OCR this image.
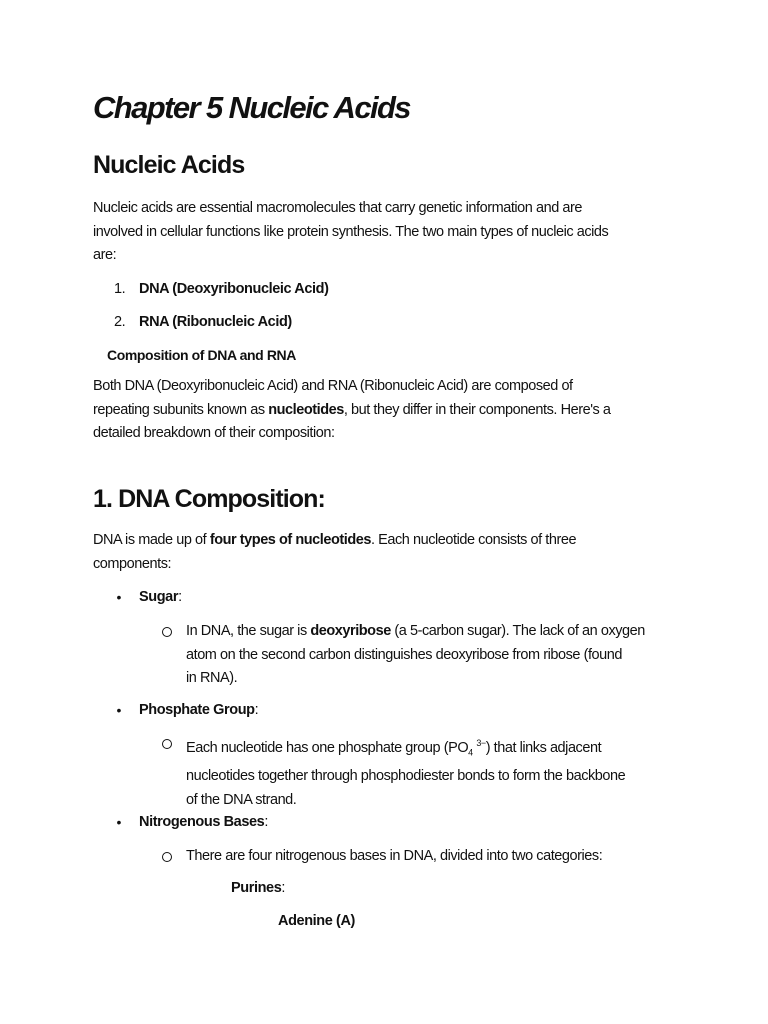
Chapter 5 Nucleic Acids
Nucleic Acids
Nucleic acids are essential macromolecules that carry genetic information and are
involved in cellular functions like protein synthesis. The two main types of nucleic acids
are:
1. DNA (Deoxyribonucleic Acid)
2. RNA (Ribonucleic Acid)
Composition of DNA and RNA
Both DNA (Deoxyribonucleic Acid) and RNA (Ribonucleic Acid) are composed of
repeating subunits known as nucleotides, but they differ in their components. Here's a
detailed breakdown of their composition:
1. DNA Composition:
DNA is made up of four types of nucleotides. Each nucleotide consists of three
components:
• Sugar:
In DNA, the sugar is deoxyribose (a 5-carbon sugar). The lack of an oxygen
atom on the second carbon distinguishes deoxyribose from ribose (found
in RNA).
• Phosphate Group:
Each nucleotide has one phosphate group ($PO_4$ $^{3-}$) that links adjacent
nucleotides together through phosphodiester bonds to form the backbone
of the DNA strand.
• Nitrogenous Bases:
There are four nitrogenous bases in DNA, divided into two categories:
Purines:
Adenine (A)
